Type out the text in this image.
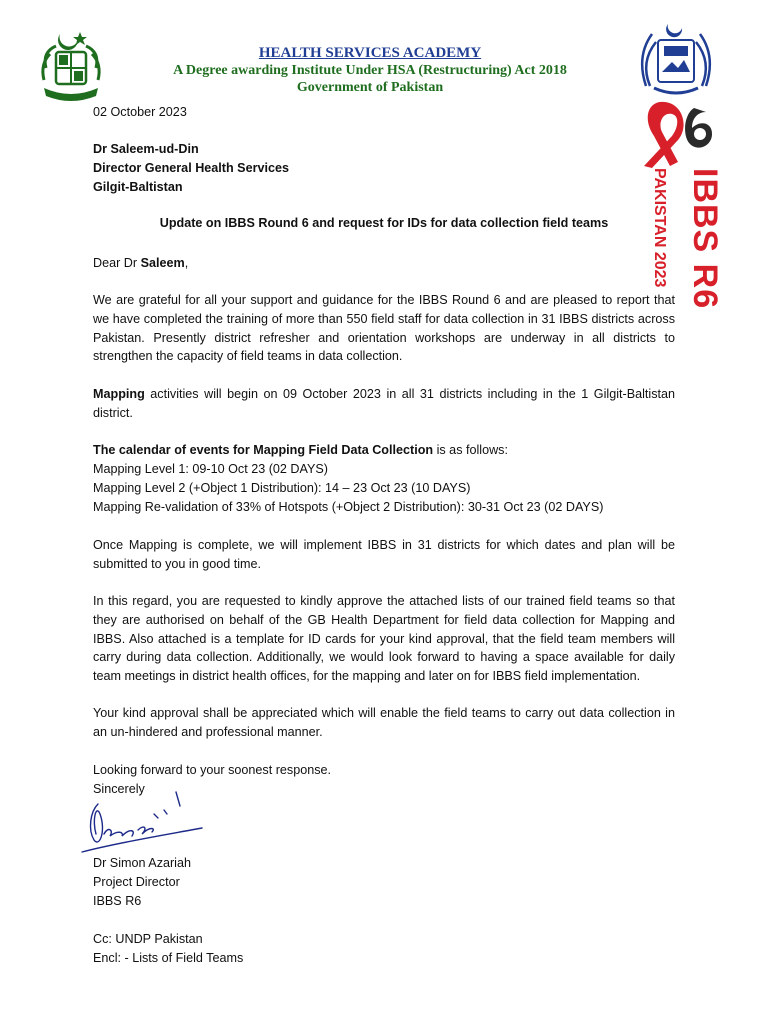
HEALTH SERVICES ACADEMY
A Degree awarding Institute Under HSA (Restructuring) Act 2018
Government of Pakistan
IBBS R6
PAKISTAN 2023
02 October 2023
Dr Saleem-ud-Din
Director General Health Services
Gilgit-Baltistan
Update on IBBS Round 6 and request for IDs for data collection field teams
Dear Dr Saleem,
We are grateful for all your support and guidance for the IBBS Round 6 and are pleased to report that we have completed the training of more than 550 field staff for data collection in 31 IBBS districts across Pakistan. Presently district refresher and orientation workshops are underway in all districts to strengthen the capacity of field teams in data collection.
Mapping activities will begin on 09 October 2023 in all 31 districts including in the 1 Gilgit-Baltistan district.
The calendar of events for Mapping Field Data Collection is as follows:
Mapping Level 1: 09-10 Oct 23 (02 DAYS)
Mapping Level 2 (+Object 1 Distribution): 14 – 23 Oct 23 (10 DAYS)
Mapping Re-validation of 33% of Hotspots (+Object 2 Distribution): 30-31 Oct 23 (02 DAYS)
Once Mapping is complete, we will implement IBBS in 31 districts for which dates and plan will be submitted to you in good time.
In this regard, you are requested to kindly approve the attached lists of our trained field teams so that they are authorised on behalf of the GB Health Department for field data collection for Mapping and IBBS. Also attached is a template for ID cards for your kind approval, that the field team members will carry during data collection. Additionally, we would look forward to having a space available for daily team meetings in district health offices, for the mapping and later on for IBBS field implementation.
Your kind approval shall be appreciated which will enable the field teams to carry out data collection in an un-hindered and professional manner.
Looking forward to your soonest response.
Sincerely
Dr Simon Azariah
Project Director
IBBS R6
Cc: UNDP Pakistan
Encl: - Lists of Field Teams
